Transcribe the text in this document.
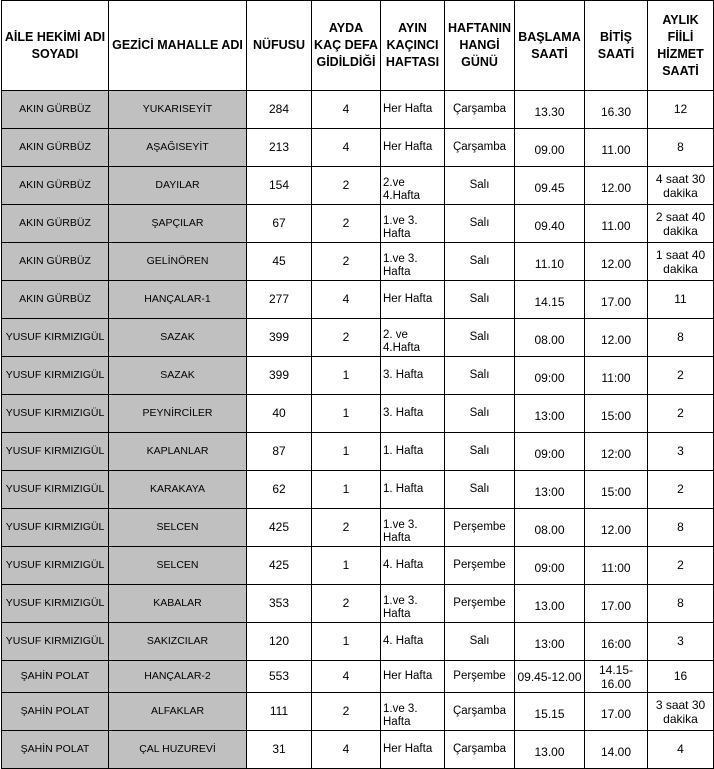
AİLE HEKİMİ ADI SOYADI	GEZİCİ MAHALLE ADI	NÜFUSU	AYDA KAÇ DEFA GİDİLDİĞİ	AYIN KAÇINCI HAFTASI	HAFTANIN HANGİ GÜNÜ	BAŞLAMA SAATİ	BİTİŞ SAATİ	AYLIK FİİLİ HİZMET SAATİ
AKIN GÜRBÜZ	YUKARISEYİT	284	4	Her Hafta	Çarşamba	13.30	16.30	12
AKIN GÜRBÜZ	AŞAĞISEYİT	213	4	Her Hafta	Çarşamba	09.00	11.00	8
AKIN GÜRBÜZ	DAYILAR	154	2	2.ve 4.Hafta	Salı	09.45	12.00	4 saat 30 dakika
AKIN GÜRBÜZ	ŞAPÇILAR	67	2	1.ve 3. Hafta	Salı	09.40	11.00	2 saat 40 dakika
AKIN GÜRBÜZ	GELİNÖREN	45	2	1.ve 3. Hafta	Salı	11.10	12.00	1 saat 40 dakika
AKIN GÜRBÜZ	HANÇALAR-1	277	4	Her Hafta	Salı	14.15	17.00	11
YUSUF KIRMIZIGÜL	SAZAK	399	2	2. ve 4.Hafta	Salı	08.00	12.00	8
YUSUF KIRMIZIGÜL	SAZAK	399	1	3. Hafta	Salı	09:00	11:00	2
YUSUF KIRMIZIGÜL	PEYNİRCİLER	40	1	3. Hafta	Salı	13:00	15:00	2
YUSUF KIRMIZIGÜL	KAPLANLAR	87	1	1. Hafta	Salı	09:00	12:00	3
YUSUF KIRMIZIGÜL	KARAKAYA	62	1	1. Hafta	Salı	13:00	15:00	2
YUSUF KIRMIZIGÜL	SELCEN	425	2	1.ve 3. Hafta	Perşembe	08.00	12.00	8
YUSUF KIRMIZIGÜL	SELCEN	425	1	4. Hafta	Perşembe	09:00	11:00	2
YUSUF KIRMIZIGÜL	KABALAR	353	2	1.ve 3. Hafta	Perşembe	13.00	17.00	8
YUSUF KIRMIZIGÜL	SAKIZCILAR	120	1	4. Hafta	Salı	13:00	16:00	3
ŞAHİN POLAT	HANÇALAR-2	553	4	Her Hafta	Perşembe	09.45-12.00	14.15-16.00	16
ŞAHİN POLAT	ALFAKLAR	111	2	1.ve 3. Hafta	Çarşamba	15.15	17.00	3 saat 30 dakika
ŞAHİN POLAT	ÇAL HUZUREVİ	31	4	Her Hafta	Çarşamba	13.00	14.00	4
